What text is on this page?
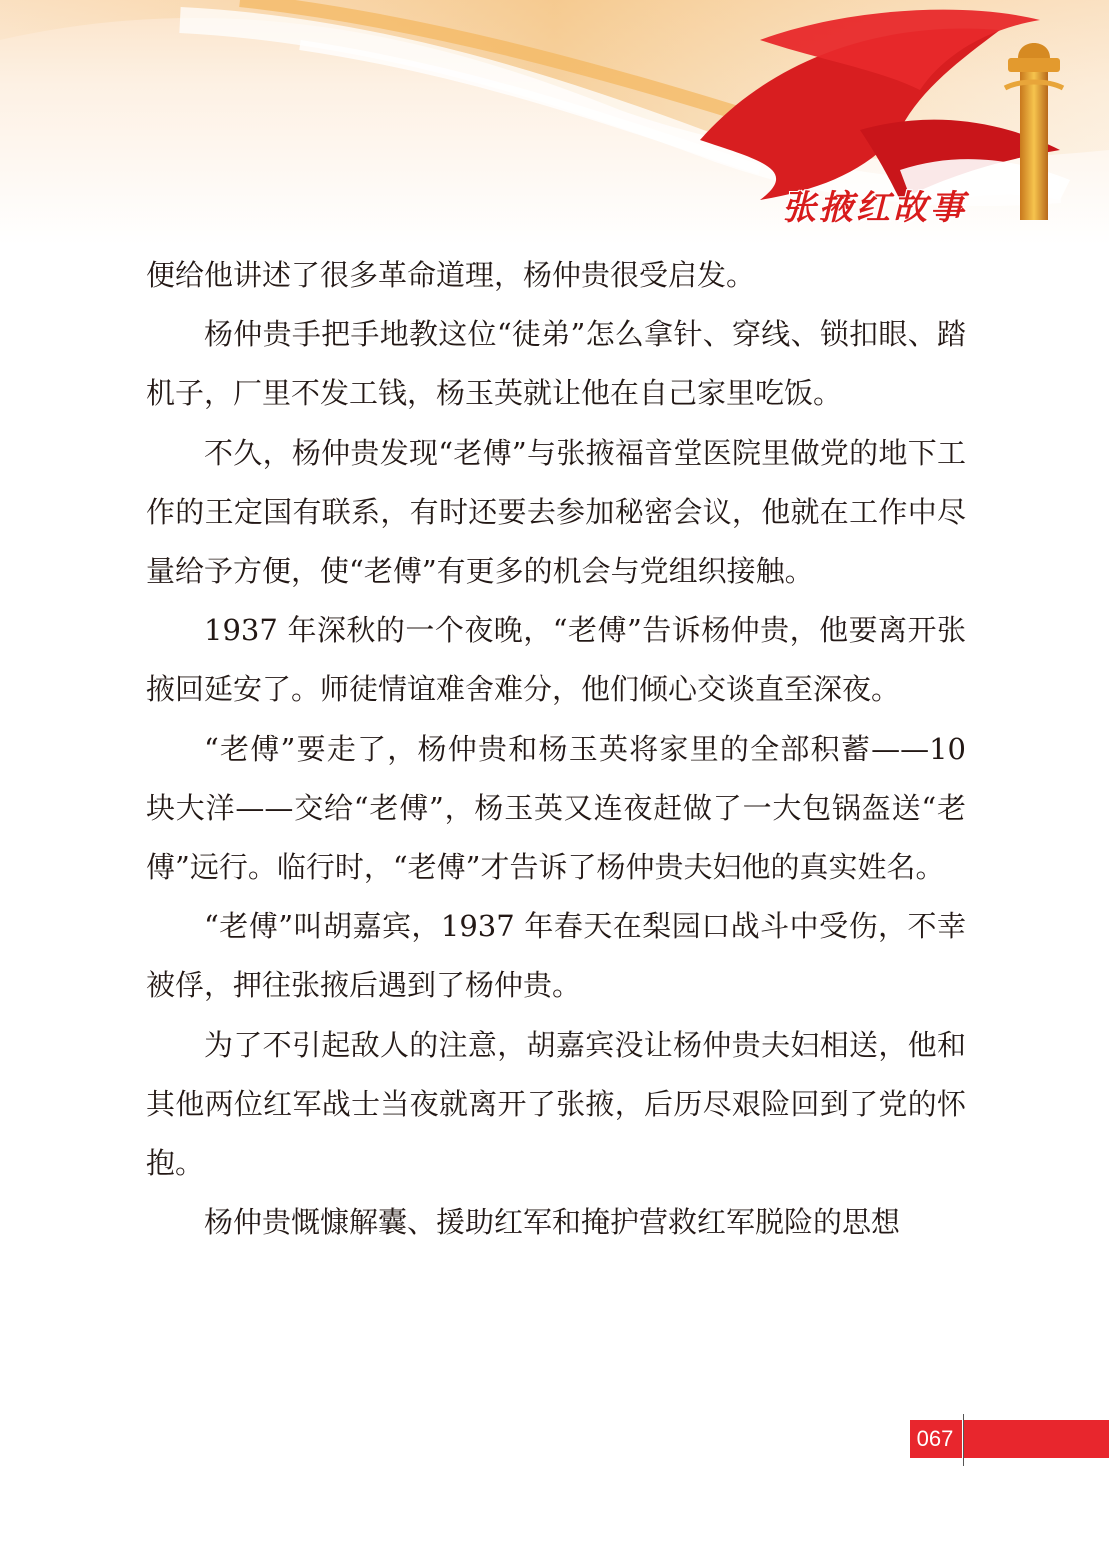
张掖红故事

便给他讲述了很多革命道理，杨仲贵很受启发。

杨仲贵手把手地教这位“徒弟”怎么拿针、穿线、锁扣眼、踏机子，厂里不发工钱，杨玉英就让他在自己家里吃饭。

不久，杨仲贵发现“老傅”与张掖福音堂医院里做党的地下工作的王定国有联系，有时还要去参加秘密会议，他就在工作中尽量给予方便，使“老傅”有更多的机会与党组织接触。

1937 年深秋的一个夜晚，“老傅”告诉杨仲贵，他要离开张掖回延安了。师徒情谊难舍难分，他们倾心交谈直至深夜。

“老傅”要走了，杨仲贵和杨玉英将家里的全部积蓄——10 块大洋——交给“老傅”，杨玉英又连夜赶做了一大包锅盔送“老傅”远行。临行时，“老傅”才告诉了杨仲贵夫妇他的真实姓名。

“老傅”叫胡嘉宾，1937 年春天在梨园口战斗中受伤，不幸被俘，押往张掖后遇到了杨仲贵。

为了不引起敌人的注意，胡嘉宾没让杨仲贵夫妇相送，他和其他两位红军战士当夜就离开了张掖，后历尽艰险回到了党的怀抱。

杨仲贵慨慷解囊、援助红军和掩护营救红军脱险的思想

067
